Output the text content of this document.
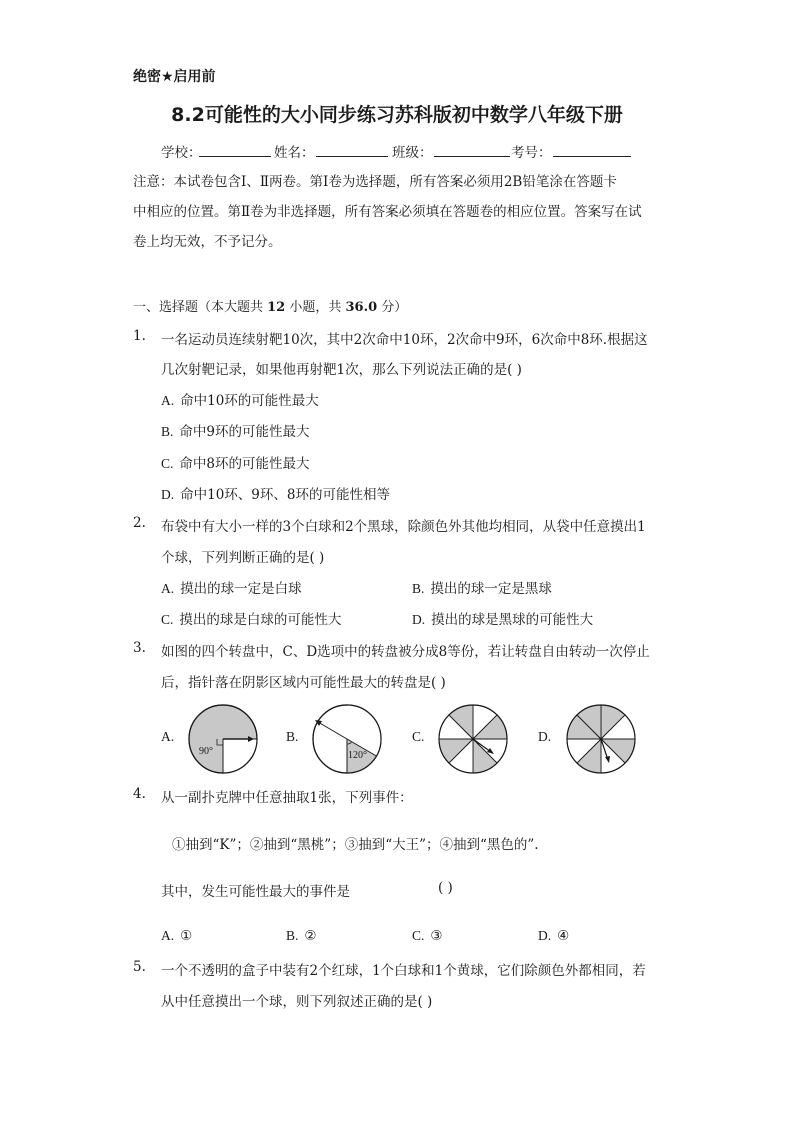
绝密★启用前
8.2可能性的大小同步练习苏科版初中数学八年级下册
学校：	姓名：	班级：	考号：
注意：本试卷包含Ⅰ、Ⅱ两卷。第Ⅰ卷为选择题，所有答案必须用2B铅笔涂在答题卡
中相应的位置。第Ⅱ卷为非选择题，所有答案必须填在答题卷的相应位置。答案写在试
卷上均无效，不予记分。
一、选择题（本大题共 12 小题，共 36.0 分）
1. 一名运动员连续射靶10次，其中2次命中10环，2次命中9环，6次命中8环.根据这
几次射靶记录，如果他再射靶1次，那么下列说法正确的是( )
A. 命中10环的可能性最大
B. 命中9环的可能性最大
C. 命中8环的可能性最大
D. 命中10环、9环、8环的可能性相等
2. 布袋中有大小一样的3个白球和2个黑球，除颜色外其他均相同，从袋中任意摸出1
个球，下列判断正确的是( )
A. 摸出的球一定是白球	B. 摸出的球一定是黑球
C. 摸出的球是白球的可能性大	D. 摸出的球是黑球的可能性大
3. 如图的四个转盘中，C、D选项中的转盘被分成8等份，若让转盘自由转动一次停止
后，指针落在阴影区域内可能性最大的转盘是( )
A.	B.	C.	D.
90°	120°
4. 从一副扑克牌中任意抽取1张，下列事件：
①抽到“K”；②抽到“黑桃”；③抽到“大王”；④抽到“黑色的”.
其中，发生可能性最大的事件是	( )
A. ①	B. ②	C. ③	D. ④
5. 一个不透明的盒子中装有2个红球，1个白球和1个黄球，它们除颜色外都相同，若
从中任意摸出一个球，则下列叙述正确的是( )
